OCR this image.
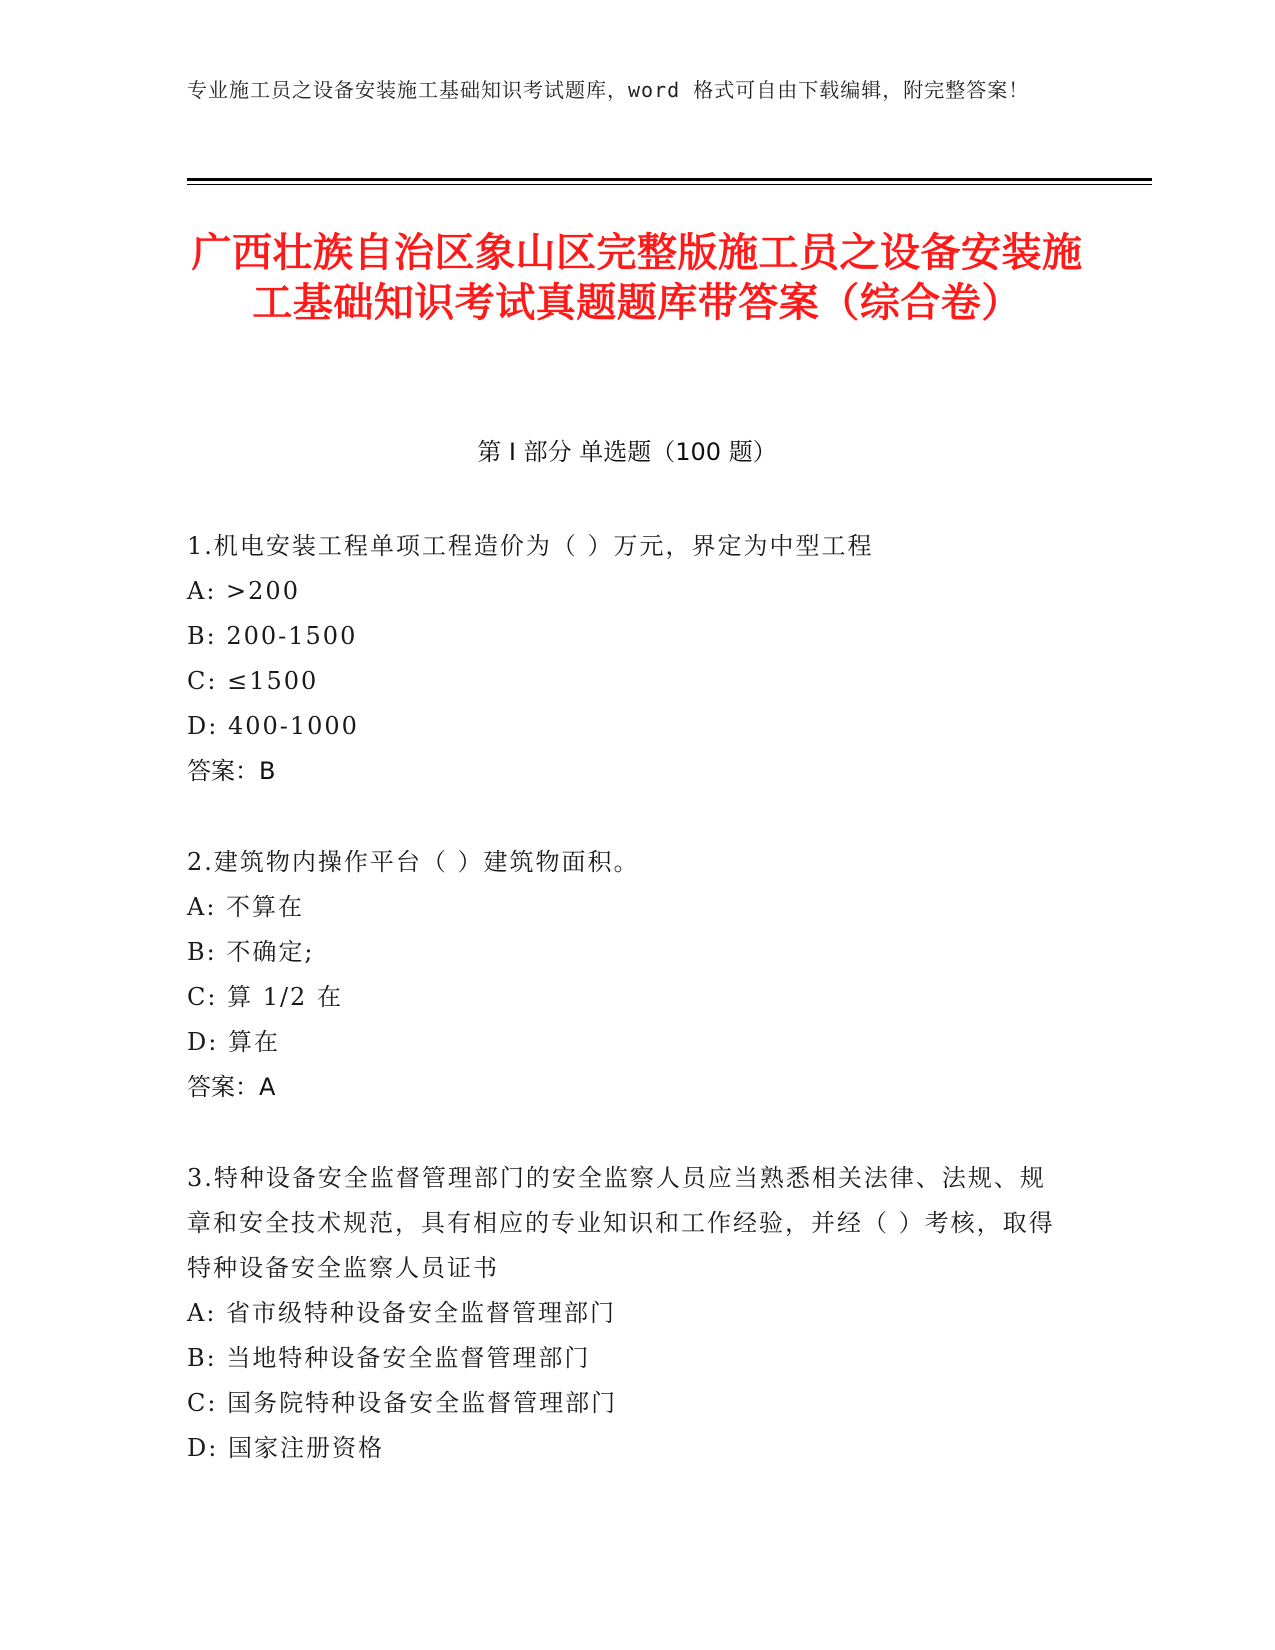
专业施工员之设备安装施工基础知识考试题库，word 格式可自由下载编辑，附完整答案！
广西壮族自治区象山区完整版施工员之设备安装施工基础知识考试真题题库带答案（综合卷）
第 I 部分 单选题（100 题）
1.机电安装工程单项工程造价为（ ）万元，界定为中型工程
A: >200
B: 200-1500
C: ≤1500
D: 400-1000
答案：B
2.建筑物内操作平台（ ）建筑物面积。
A: 不算在
B: 不确定;
C: 算 1/2 在
D: 算在
答案：A
3.特种设备安全监督管理部门的安全监察人员应当熟悉相关法律、法规、规章和安全技术规范，具有相应的专业知识和工作经验，并经（ ）考核，取得特种设备安全监察人员证书
A: 省市级特种设备安全监督管理部门
B: 当地特种设备安全监督管理部门
C: 国务院特种设备安全监督管理部门
D: 国家注册资格
